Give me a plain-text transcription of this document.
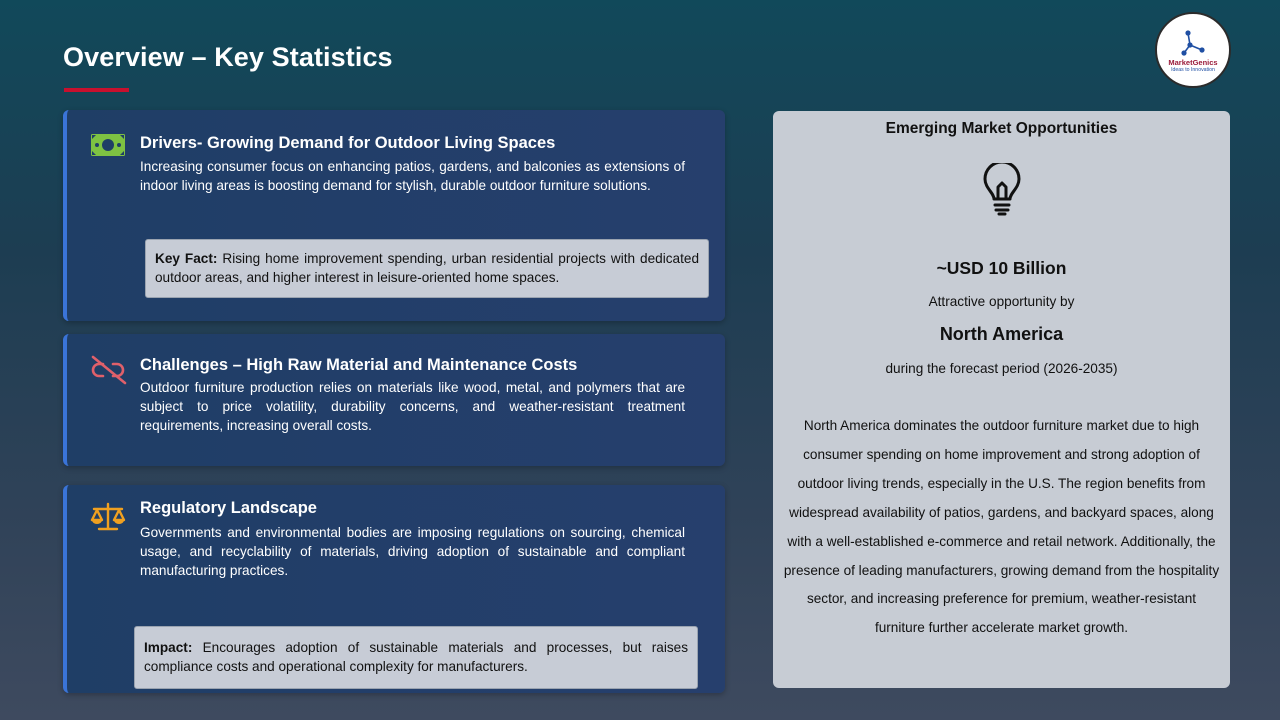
Overview – Key Statistics	MarketGenics
Ideas to Innovation
Drivers- Growing Demand for Outdoor Living Spaces
Increasing consumer focus on enhancing patios, gardens, and balconies as extensions of indoor living areas is boosting demand for stylish, durable outdoor furniture solutions.
Key Fact: Rising home improvement spending, urban residential projects with dedicated outdoor areas, and higher interest in leisure-oriented home spaces.
Challenges – High Raw Material and Maintenance Costs
Outdoor furniture production relies on materials like wood, metal, and polymers that are subject to price volatility, durability concerns, and weather-resistant treatment requirements, increasing overall costs.
Regulatory Landscape
Governments and environmental bodies are imposing regulations on sourcing, chemical usage, and recyclability of materials, driving adoption of sustainable and compliant manufacturing practices.
Impact: Encourages adoption of sustainable materials and processes, but raises compliance costs and operational complexity for manufacturers.
Emerging Market Opportunities
~USD 10 Billion
Attractive opportunity by
North America
during the forecast period (2026-2035)
North America dominates the outdoor furniture market due to high consumer spending on home improvement and strong adoption of outdoor living trends, especially in the U.S. The region benefits from widespread availability of patios, gardens, and backyard spaces, along with a well-established e-commerce and retail network. Additionally, the presence of leading manufacturers, growing demand from the hospitality sector, and increasing preference for premium, weather-resistant furniture further accelerate market growth.
